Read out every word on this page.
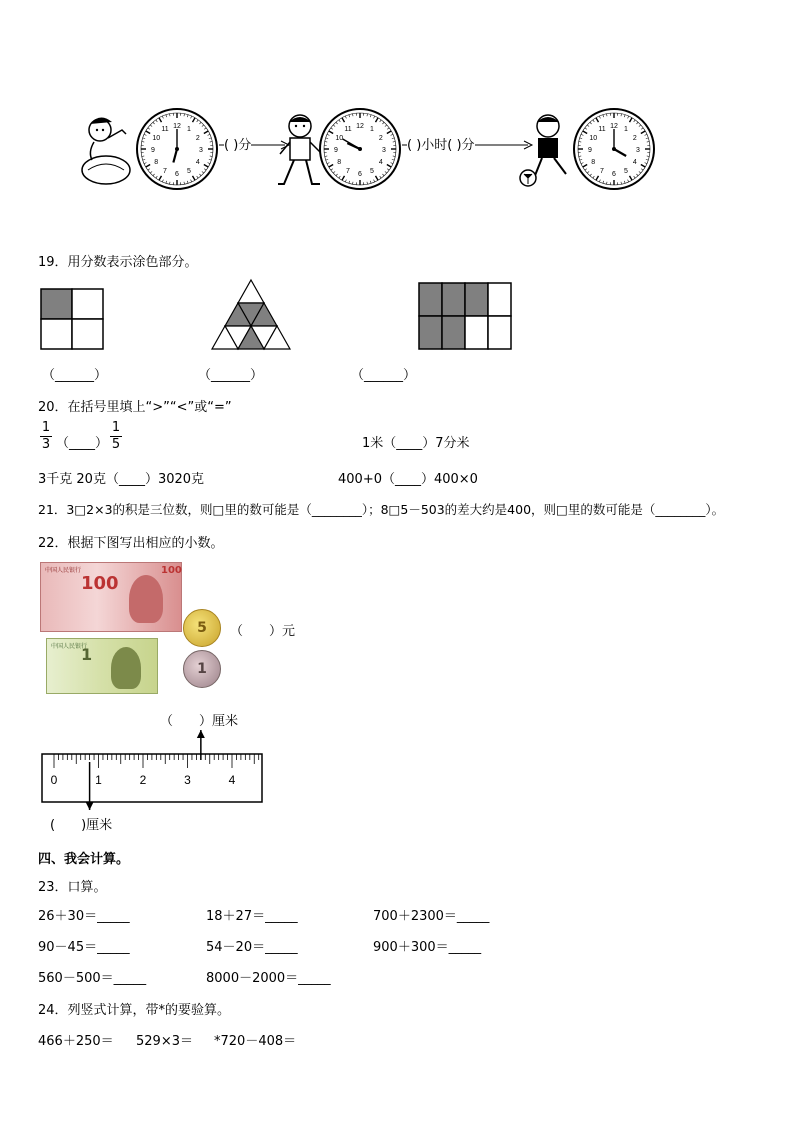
12 1
2
3
4
5
6
7
8
9
10
11
( )分
12 1
2
3
4
5
6
7
8
9
10
11
( )小时( )分
12 1
2
3
4
5
6
7
8
9
10
11
19．用分数表示涂色部分。
（______）	（______）	（______）
20．在括号里填上“>”“<”或“=”
$\frac{1}{3}$ （____） $\frac{1}{5}$	1米（____）7分米
3千克 20克（____）3020克	400+0（____）400×0
21．3□2×3的积是三位数，则□里的数可能是（________）；8□5－503的差大约是400，则□里的数可能是（________）。
22．根据下图写出相应的小数。
中国人民银行
100
100
5
中国人民银行
1
1
（　　）元
（　　）厘米
0	1	2	3	4
(　　)厘米
四、我会计算。
23．口算。
26＋30＝_____	18＋27＝_____	700＋2300＝_____
90－45＝_____	54－20＝_____	900＋300＝_____
560－500＝_____	8000－2000＝_____
24．列竖式计算，带*的要验算。
466＋250＝ 529×3＝ *720－408＝
